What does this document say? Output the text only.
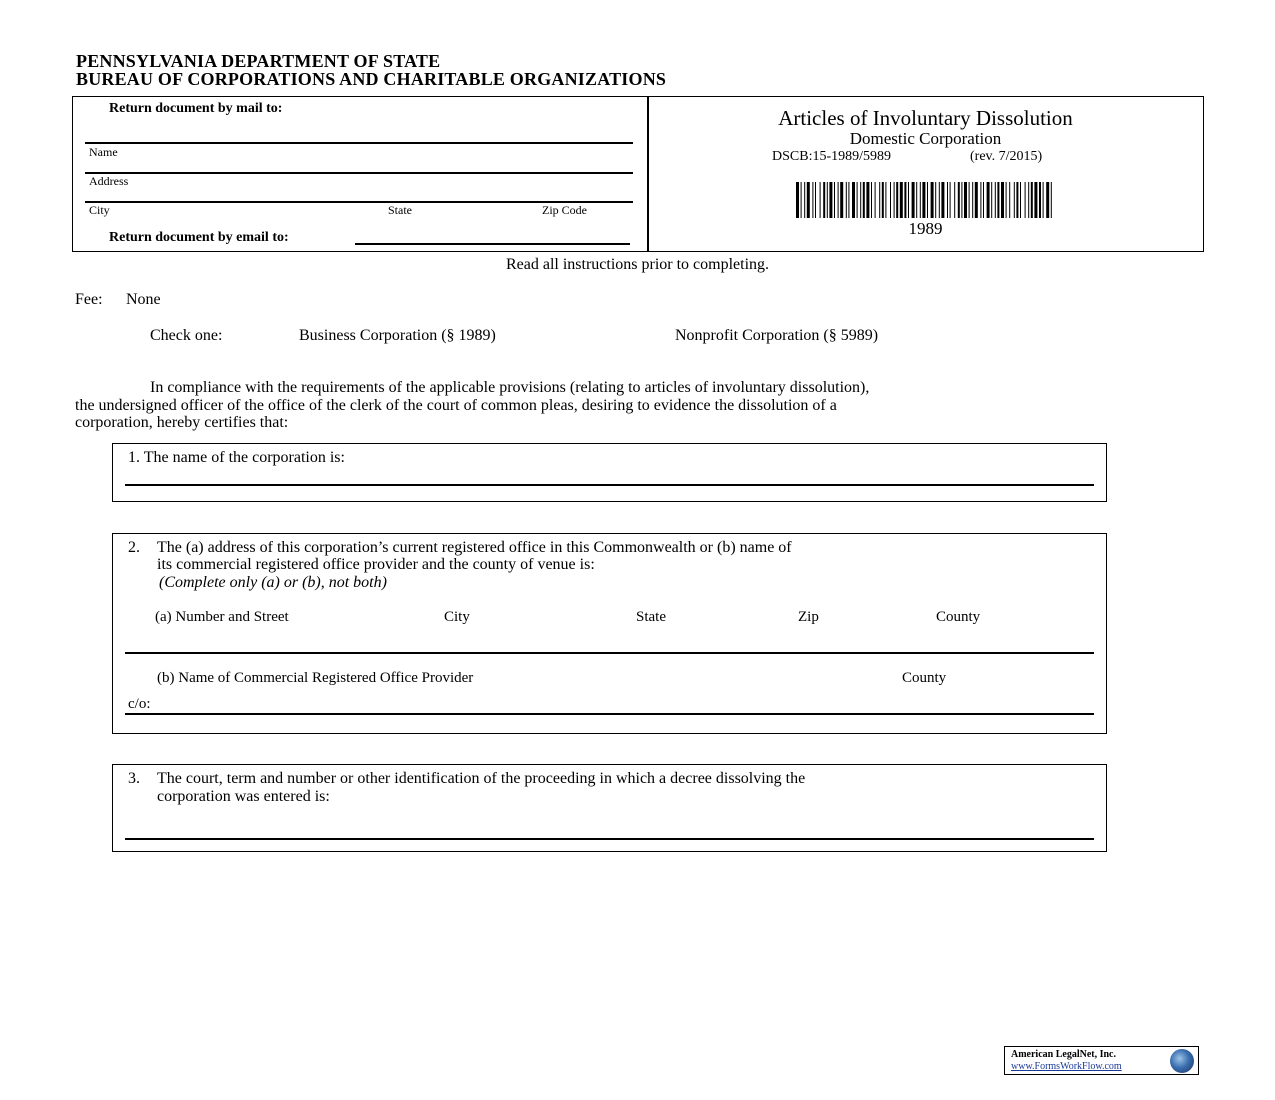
PENNSYLVANIA DEPARTMENT OF STATE
BUREAU OF CORPORATIONS AND CHARITABLE ORGANIZATIONS
Return document by mail to:
Name
Address
City	State	Zip Code
Return document by email to:
Articles of Involuntary Dissolution
Domestic Corporation
DSCB:15-1989/5989	(rev. 7/2015)
1989
Read all instructions prior to completing.
Fee: None
Check one:	Business Corporation (§ 1989)	Nonprofit Corporation (§ 5989)
In compliance with the requirements of the applicable provisions (relating to articles of involuntary dissolution),
the undersigned officer of the office of the clerk of the court of common pleas, desiring to evidence the dissolution of a
corporation, hereby certifies that:
1. The name of the corporation is:
2. The (a) address of this corporation’s current registered office in this Commonwealth or (b) name of
its commercial registered office provider and the county of venue is:
(Complete only (a) or (b), not both)
(a) Number and Street	City	State	Zip	County
(b) Name of Commercial Registered Office Provider	County
c/o:
3. The court, term and number or other identification of the proceeding in which a decree dissolving the
corporation was entered is:
American LegalNet, Inc.
www.FormsWorkFlow.com
